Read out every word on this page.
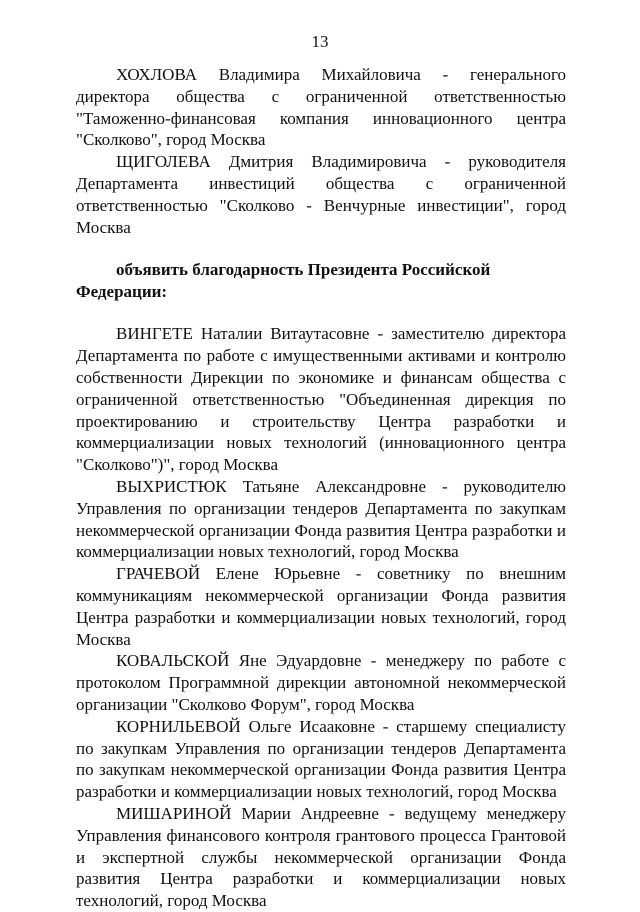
13

ХОХЛОВА Владимира Михайловича - генерального директора общества с ограниченной ответственностью "Таможенно-финансовая компания инновационного центра "Сколково", город Москва

ЩИГОЛЕВА Дмитрия Владимировича - руководителя Департамента инвестиций общества с ограниченной ответственностью "Сколково - Венчурные инвестиции", город Москва

объявить благодарность Президента Российской Федерации:

ВИНГЕТЕ Наталии Витаутасовне - заместителю директора Департамента по работе с имущественными активами и контролю собственности Дирекции по экономике и финансам общества с ограниченной ответственностью "Объединенная дирекция по проектированию и строительству Центра разработки и коммерциализации новых технологий (инновационного центра "Сколково")", город Москва

ВЫХРИСТЮК Татьяне Александровне - руководителю Управления по организации тендеров Департамента по закупкам некоммерческой организации Фонда развития Центра разработки и коммерциализации новых технологий, город Москва

ГРАЧЕВОЙ Елене Юрьевне - советнику по внешним коммуникациям некоммерческой организации Фонда развития Центра разработки и коммерциализации новых технологий, город Москва

КОВАЛЬСКОЙ Яне Эдуардовне - менеджеру по работе с протоколом Программной дирекции автономной некоммерческой организации "Сколково Форум", город Москва

КОРНИЛЬЕВОЙ Ольге Исааковне - старшему специалисту по закупкам Управления по организации тендеров Департамента по закупкам некоммерческой организации Фонда развития Центра разработки и коммерциализации новых технологий, город Москва

МИШАРИНОЙ Марии Андреевне - ведущему менеджеру Управления финансового контроля грантового процесса Грантовой и экспертной службы некоммерческой организации Фонда развития Центра разработки и коммерциализации новых технологий, город Москва
